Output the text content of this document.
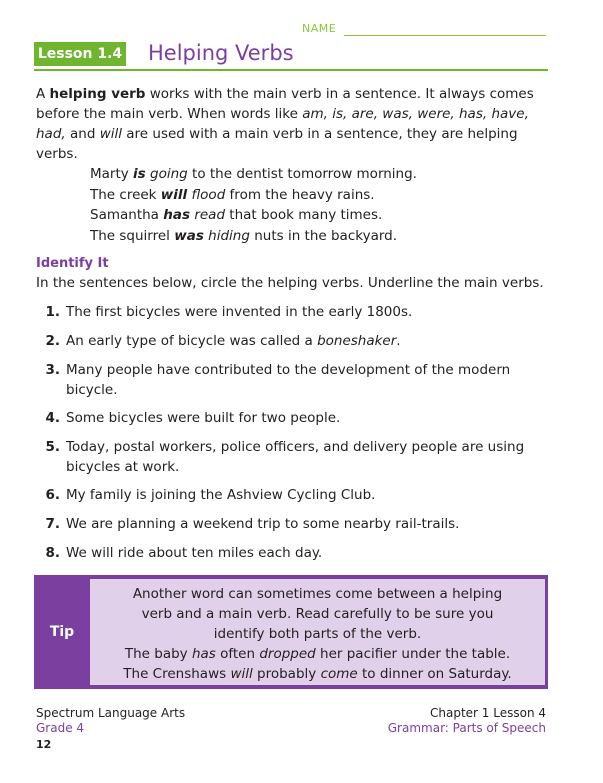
NAME
Lesson 1.4 Helping Verbs

A helping verb works with the main verb in a sentence. It always comes before the main verb. When words like am, is, are, was, were, has, have, had, and will are used with a main verb in a sentence, they are helping verbs.

Marty is going to the dentist tomorrow morning.
The creek will flood from the heavy rains.
Samantha has read that book many times.
The squirrel was hiding nuts in the backyard.
Identify It
In the sentences below, circle the helping verbs. Underline the main verbs.
1. The first bicycles were invented in the early 1800s.
2. An early type of bicycle was called a boneshaker.
3. Many people have contributed to the development of the modern bicycle.
4. Some bicycles were built for two people.
5. Today, postal workers, police officers, and delivery people are using bicycles at work.
6. My family is joining the Ashview Cycling Club.
7. We are planning a weekend trip to some nearby rail-trails.
8. We will ride about ten miles each day.
Tip
Another word can sometimes come between a helping verb and a main verb. Read carefully to be sure you identify both parts of the verb.
The baby has often dropped her pacifier under the table.
The Crenshaws will probably come to dinner on Saturday.
Spectrum Language Arts
Grade 4
Chapter 1 Lesson 4
Grammar: Parts of Speech
12
